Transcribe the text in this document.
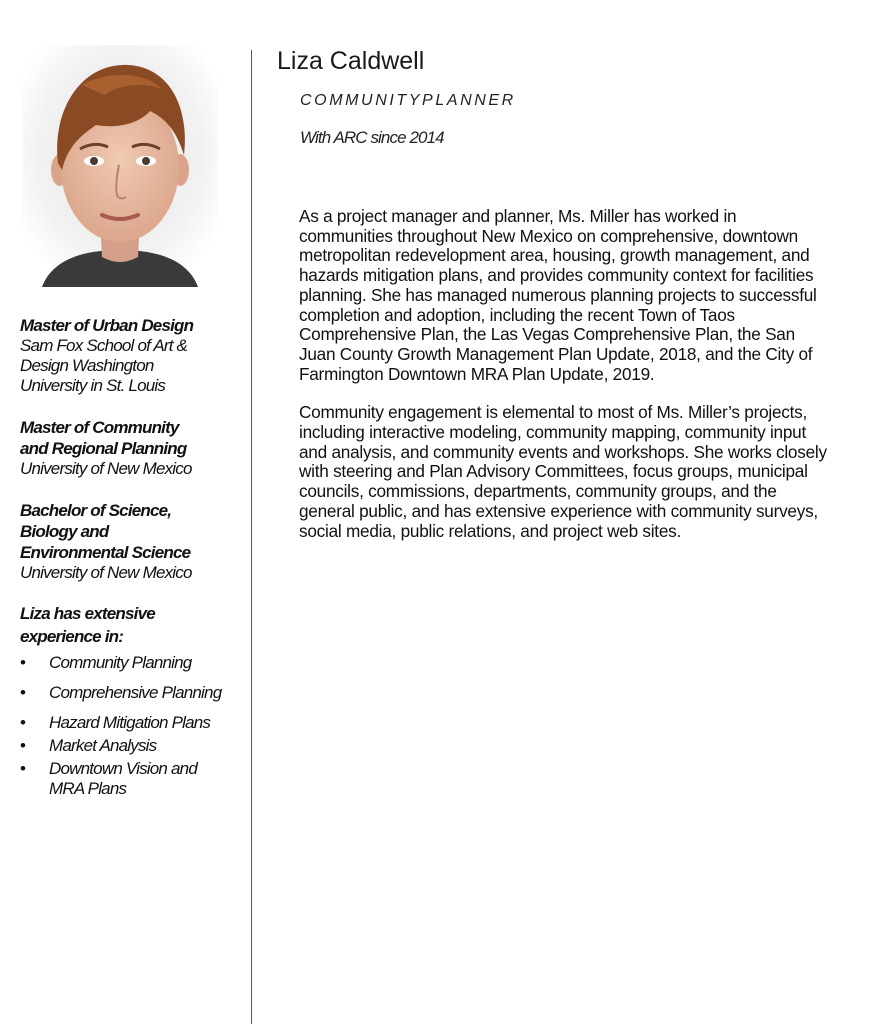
Master of Urban Design
Sam Fox School of Art & Design Washington University in St. Louis
Master of Community and Regional Planning
University of New Mexico
Bachelor of Science, Biology and Environmental Science
University of New Mexico
Liza has extensive experience in:
• Community Planning
• Comprehensive Planning
• Hazard Mitigation Plans
• Market Analysis
• Downtown Vision and MRA Plans
Liza Caldwell
COMMUNITYPLANNER
With ARC since 2014

As a project manager and planner, Ms. Miller has worked in communities throughout New Mexico on comprehensive, downtown metropolitan redevelopment area, housing, growth management, and hazards mitigation plans, and provides community context for facilities planning. She has managed numerous planning projects to successful completion and adoption, including the recent Town of Taos Comprehensive Plan, the Las Vegas Comprehensive Plan, the San Juan County Growth Management Plan Update, 2018, and the City of Farmington Downtown MRA Plan Update, 2019.

Community engagement is elemental to most of Ms. Miller’s projects, including interactive modeling, community mapping, community input and analysis, and community events and workshops. She works closely with steering and Plan Advisory Committees, focus groups, municipal councils, commissions, departments, community groups, and the general public, and has extensive experience with community surveys, social media, public relations, and project web sites.
